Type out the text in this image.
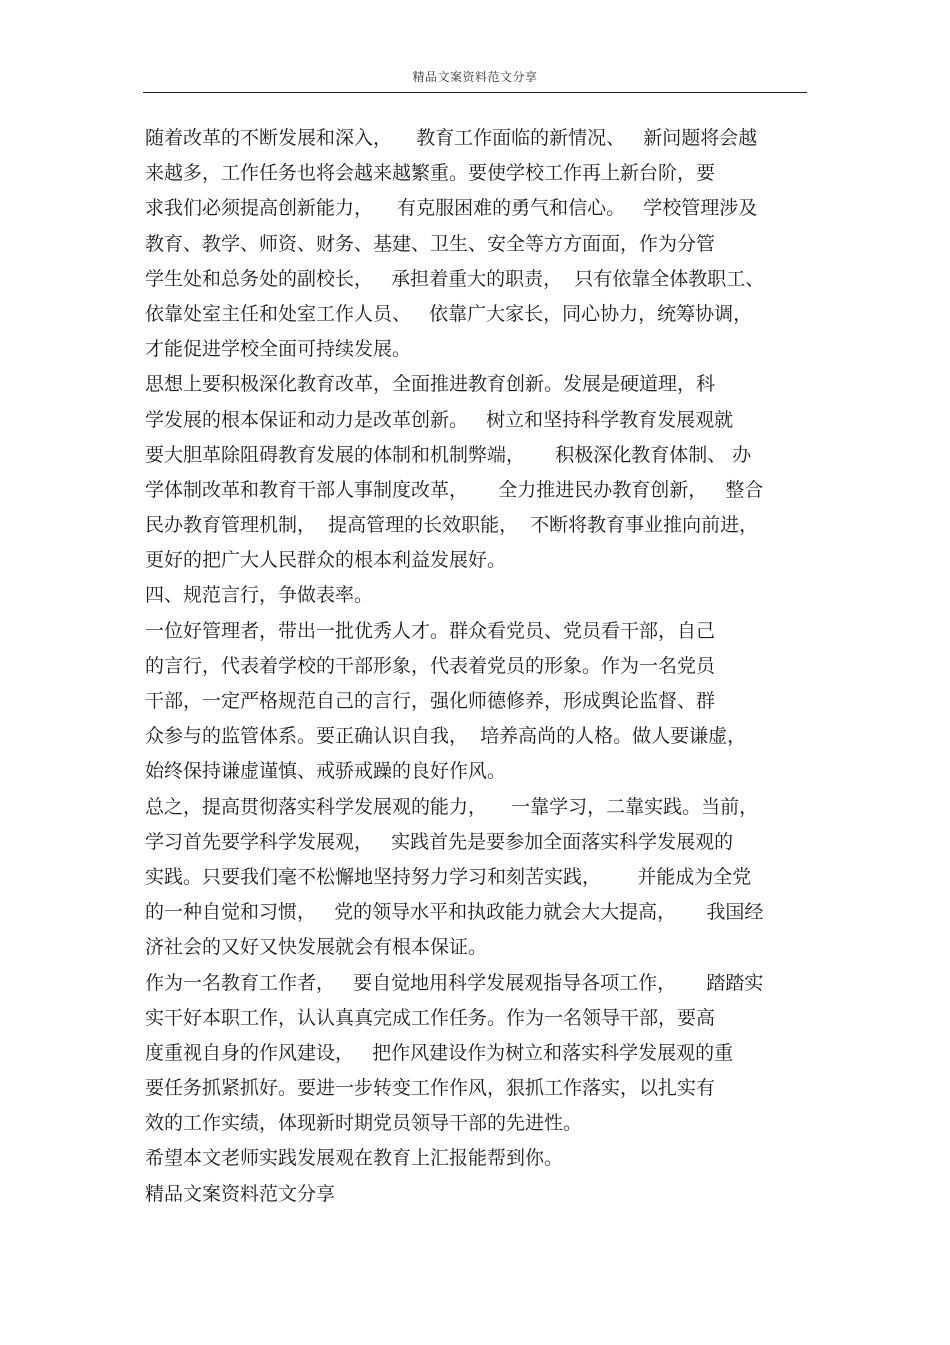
精品文案资料范文分享
随着改革的不断发展和深入，    教育工作面临的新情况、   新问题将会越
来越多，工作任务也将会越来越繁重。要使学校工作再上新台阶，要
求我们必须提高创新能力，    有克服困难的勇气和信心。   学校管理涉及
教育、教学、师资、财务、基建、卫生、安全等方方面面，作为分管
学生处和总务处的副校长，   承担着重大的职责，  只有依靠全体教职工、
依靠处室主任和处室工作人员、   依靠广大家长，同心协力，统筹协调，
才能促进学校全面可持续发展。
思想上要积极深化教育改革，全面推进教育创新。发展是硬道理，科
学发展的根本保证和动力是改革创新。   树立和坚持科学教育发展观就
要大胆革除阻碍教育发展的体制和机制弊端，     积极深化教育体制、 办
学体制改革和教育干部人事制度改革，     全力推进民办教育创新，   整合
民办教育管理机制，  提高管理的长效职能，  不断将教育事业推向前进，
更好的把广大人民群众的根本利益发展好。
四、规范言行，争做表率。
一位好管理者，带出一批优秀人才。群众看党员、党员看干部，自己
的言行，代表着学校的干部形象，代表着党员的形象。作为一名党员
干部，一定严格规范自己的言行，强化师德修养，形成舆论监督、群
众参与的监管体系。要正确认识自我，  培养高尚的人格。做人要谦虚，
始终保持谦虚谨慎、戒骄戒躁的良好作风。
总之，提高贯彻落实科学发展观的能力，    一靠学习，二靠实践。当前，
学习首先要学科学发展观，   实践首先是要参加全面落实科学发展观的
实践。只要我们毫不松懈地坚持努力学习和刻苦实践，      并能成为全党
的一种自觉和习惯，   党的领导水平和执政能力就会大大提高，     我国经
济社会的又好又快发展就会有根本保证。
作为一名教育工作者，   要自觉地用科学发展观指导各项工作，     踏踏实
实干好本职工作，认认真真完成工作任务。作为一名领导干部，要高
度重视自身的作风建设，   把作风建设作为树立和落实科学发展观的重
要任务抓紧抓好。要进一步转变工作作风，狠抓工作落实，以扎实有
效的工作实绩，体现新时期党员领导干部的先进性。
希望本文老师实践发展观在教育上汇报能帮到你。
精品文案资料范文分享
